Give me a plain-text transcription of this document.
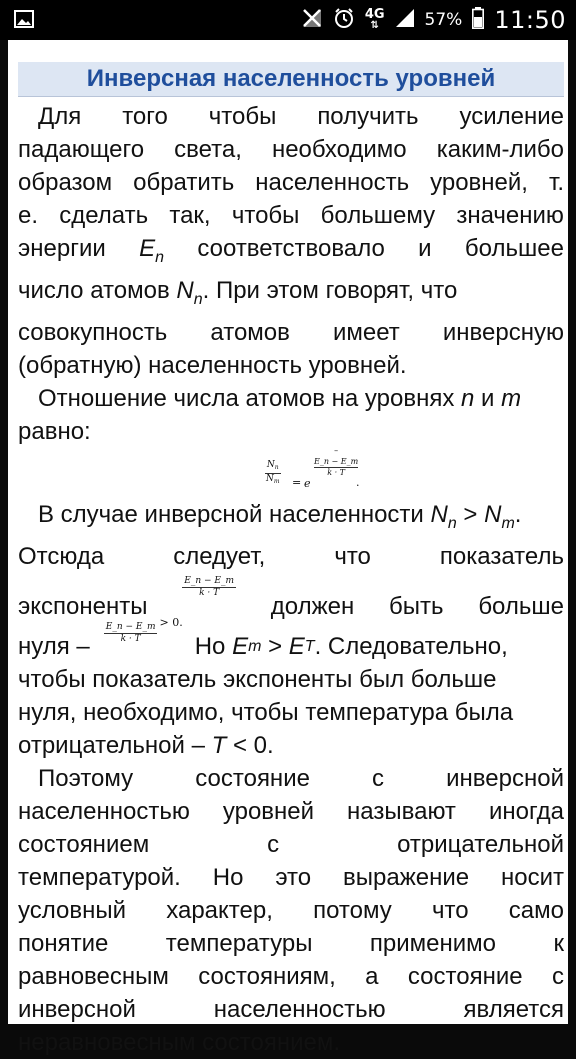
4G
⇅	57% 11:50
Инверсная населенность уровней
Для того чтобы получить усиление
падающего света, необходимо каким-либо
образом обратить населенность уровней, т.
е. сделать так, чтобы большему значению
энергии $E_n$ соответствовало и большее
число атомов $N_n$. При этом говорят, что
совокупность атомов имеет инверсную
(обратную) населенность уровней.
Отношение числа атомов на уровнях n и m
равно:
$\frac{N_n}{N_m} = e$
–
E_n − E_m
k · T
.
В случае инверсной населенности $N_n > N_m$.
Отсюда	следует,	что	показатель
экспоненты
$\frac{E\_n - E\_m}{k \cdot T}$
должен быть больше
нуля – $\frac{E\_n - E\_m}{k \cdot T} > 0$.
Но
E m
>
E T . Следовательно,
чтобы показатель экспоненты был больше
нуля, необходимо, чтобы температура была
отрицательной – T < 0.
Поэтому	состояние	с	инверсной
населенностью уровней называют иногда
состоянием	с	отрицательной
температурой. Но это выражение носит
условный характер, потому что само
понятие температуры применимо к
равновесным состояниям, а состояние с
инверсной	населенностью	является
неравновесным состоянием.
